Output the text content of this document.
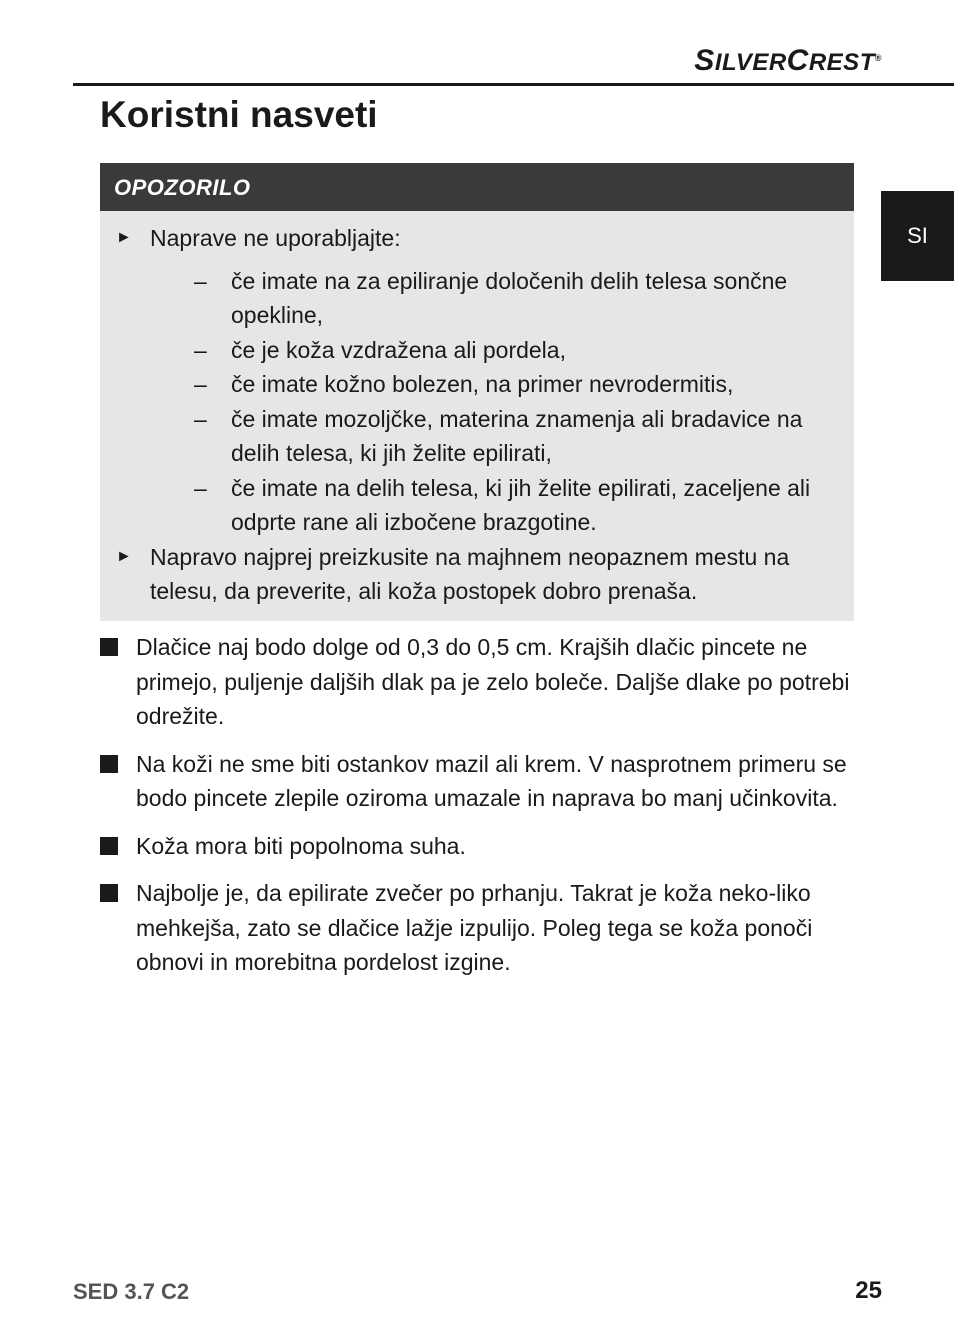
SILVERCREST®
Koristni nasveti
SI
OPOZORILO
► Naprave ne uporabljajte:
– če imate na za epiliranje določenih delih telesa sončne opekline,
– če je koža vzdražena ali pordela,
– če imate kožno bolezen, na primer nevrodermitis,
– če imate mozoljčke, materina znamenja ali bradavice na delih telesa, ki jih želite epilirati,
– če imate na delih telesa, ki jih želite epilirati, zaceljene ali odprte rane ali izbočene brazgotine.
► Napravo najprej preizkusite na majhnem neopaznem mestu na telesu, da preverite, ali koža postopek dobro prenaša.
Dlačice naj bodo dolge od 0,3 do 0,5 cm. Krajših dlačic pincete ne primejo, puljenje daljših dlak pa je zelo boleče. Daljše dlake po potrebi odrežite.
Na koži ne sme biti ostankov mazil ali krem. V nasprotnem primeru se bodo pincete zlepile oziroma umazale in naprava bo manj učinkovita.
Koža mora biti popolnoma suha.
Najbolje je, da epilirate zvečer po prhanju. Takrat je koža neko-liko mehkejša, zato se dlačice lažje izpulijo. Poleg tega se koža ponoči obnovi in morebitna pordelost izgine.
SED 3.7 C2	25
